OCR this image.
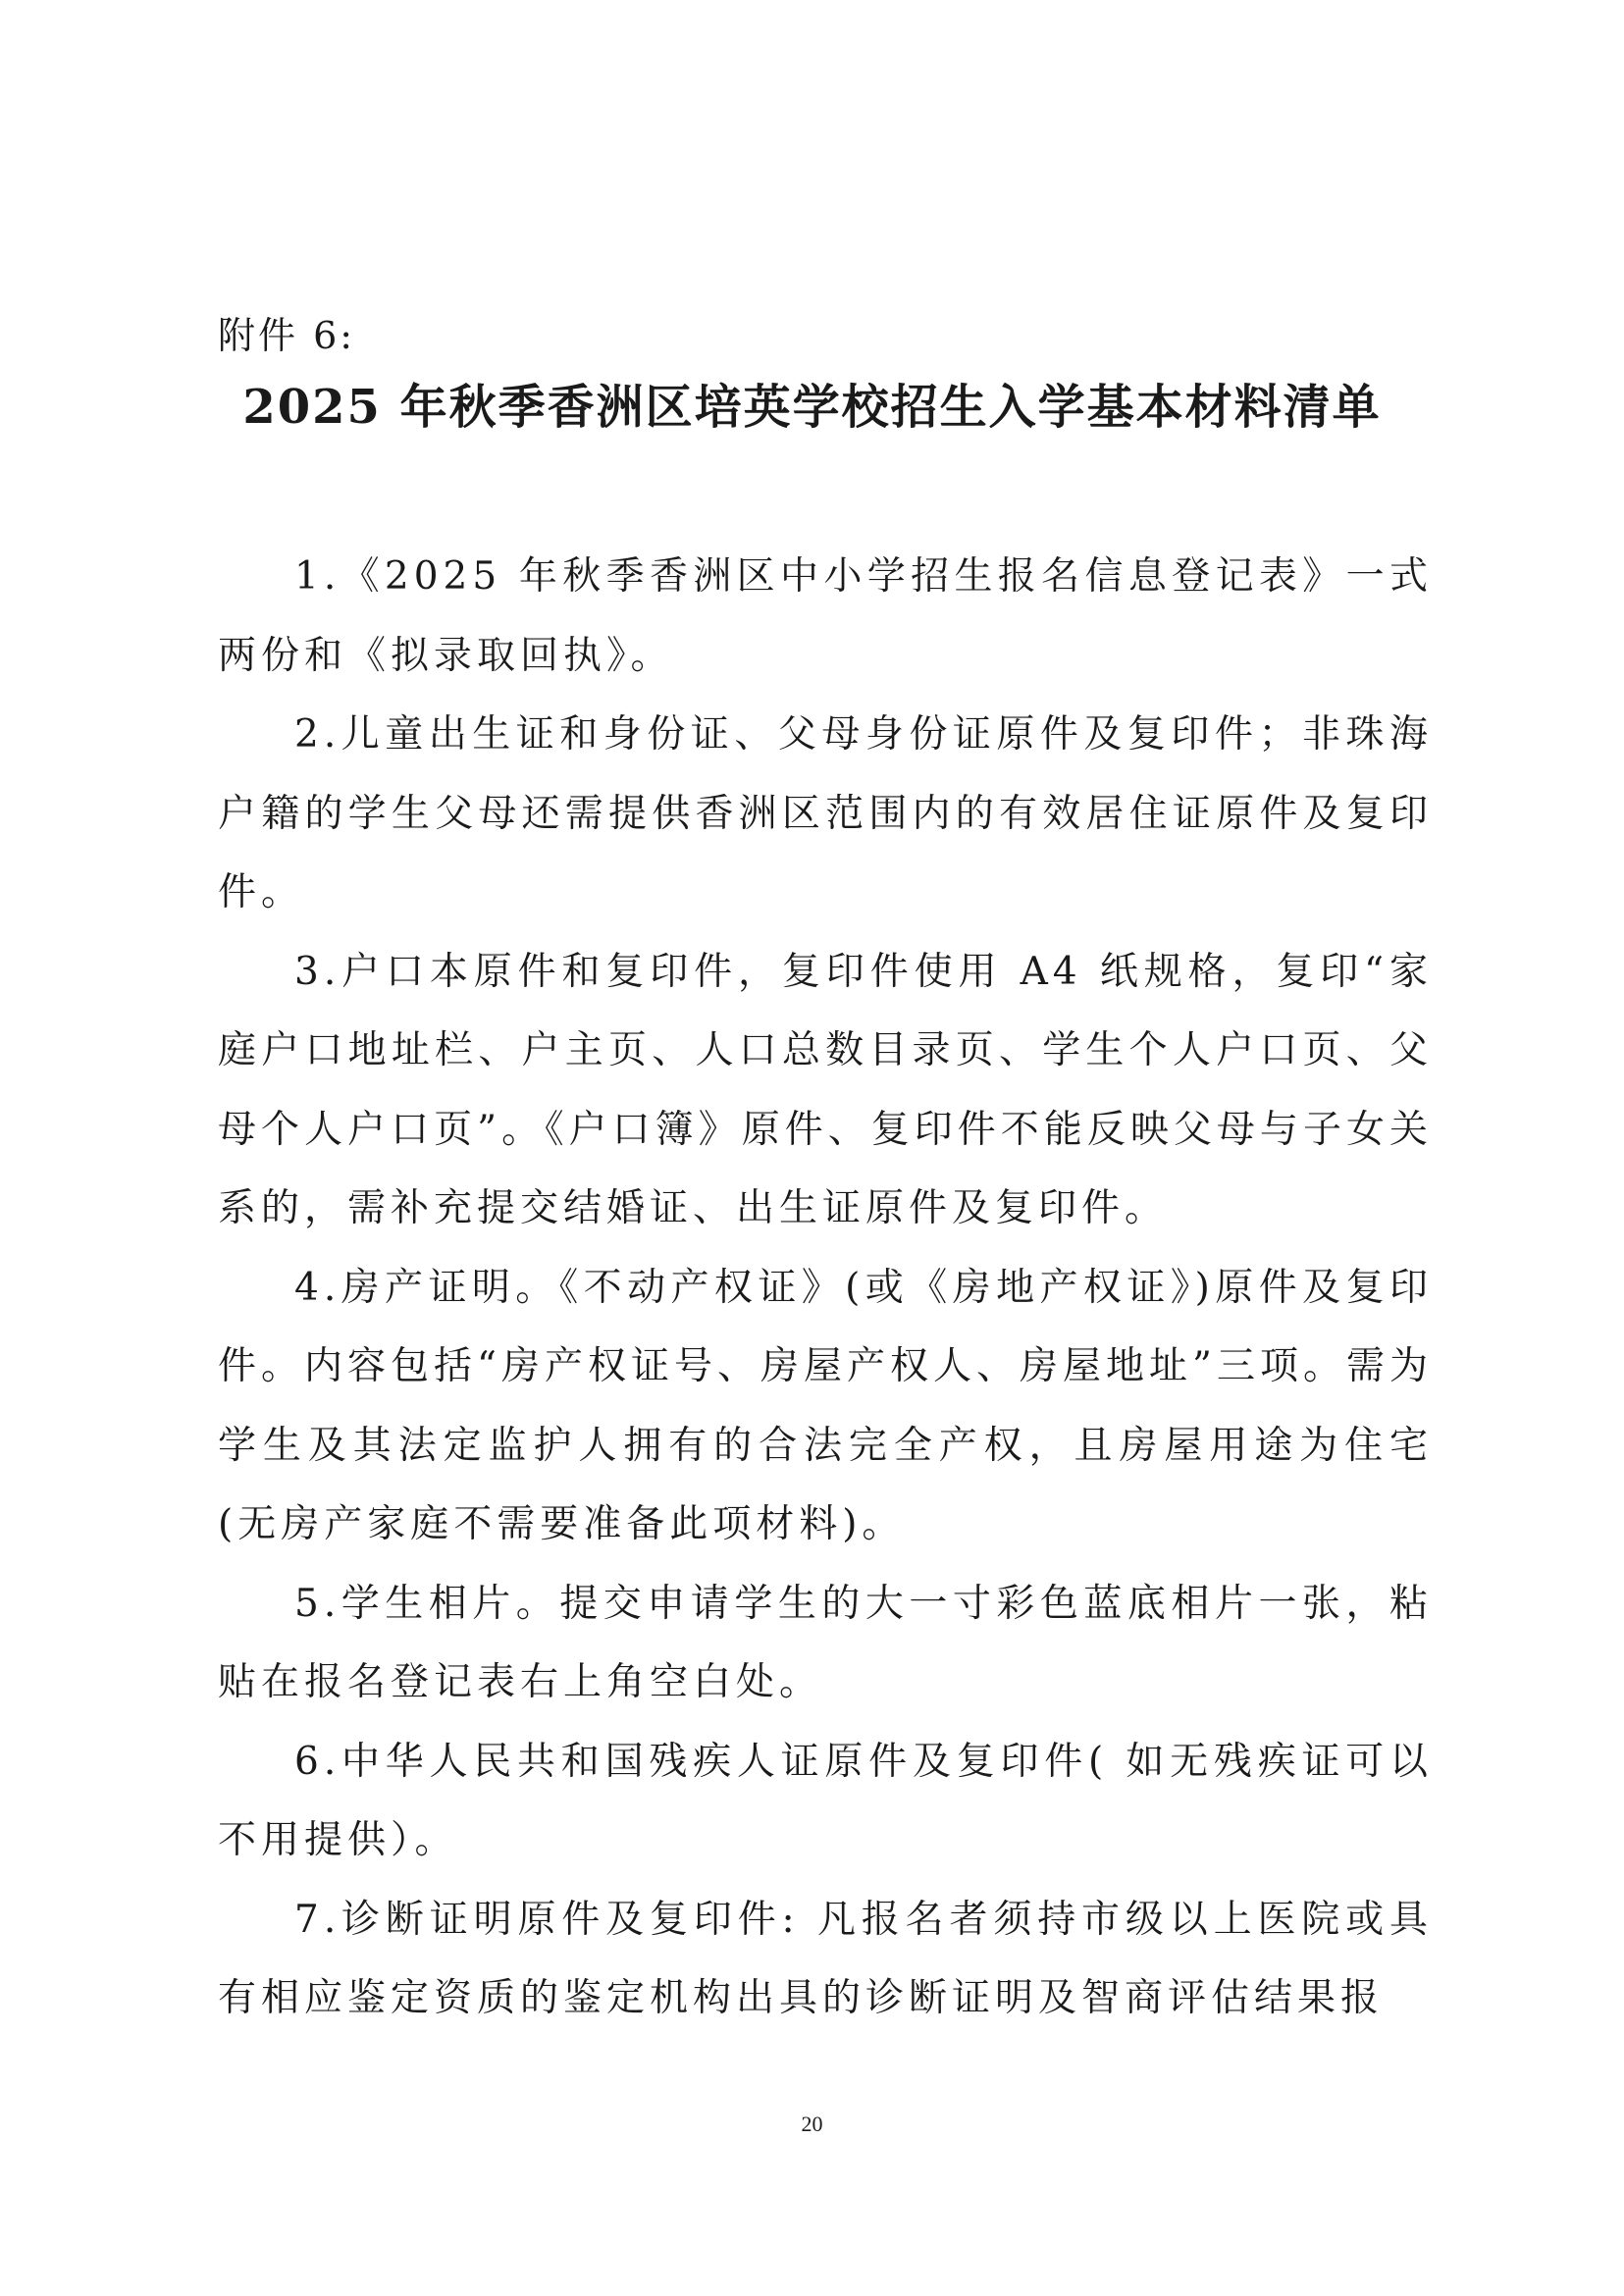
附件 6:
2025 年秋季香洲区培英学校招生入学基本材料清单

1.《2025 年秋季香洲区中小学招生报名信息登记表》一式两份和《拟录取回执》。

2.儿童出生证和身份证、父母身份证原件及复印件；非珠海户籍的学生父母还需提供香洲区范围内的有效居住证原件及复印件。

3.户口本原件和复印件，复印件使用 A4 纸规格，复印“家庭户口地址栏、户主页、人口总数目录页、学生个人户口页、父母个人户口页”。《户口簿》原件、复印件不能反映父母与子女关系的，需补充提交结婚证、出生证原件及复印件。

4.房产证明。《不动产权证》(或《房地产权证》)原件及复印件。内容包括“房产权证号、房屋产权人、房屋地址”三项。需为学生及其法定监护人拥有的合法完全产权，且房屋用途为住宅(无房产家庭不需要准备此项材料)。

5.学生相片。提交申请学生的大一寸彩色蓝底相片一张，粘贴在报名登记表右上角空白处。

6.中华人民共和国残疾人证原件及复印件( 如无残疾证可以不用提供）。

7.诊断证明原件及复印件: 凡报名者须持市级以上医院或具有相应鉴定资质的鉴定机构出具的诊断证明及智商评估结果报

20
